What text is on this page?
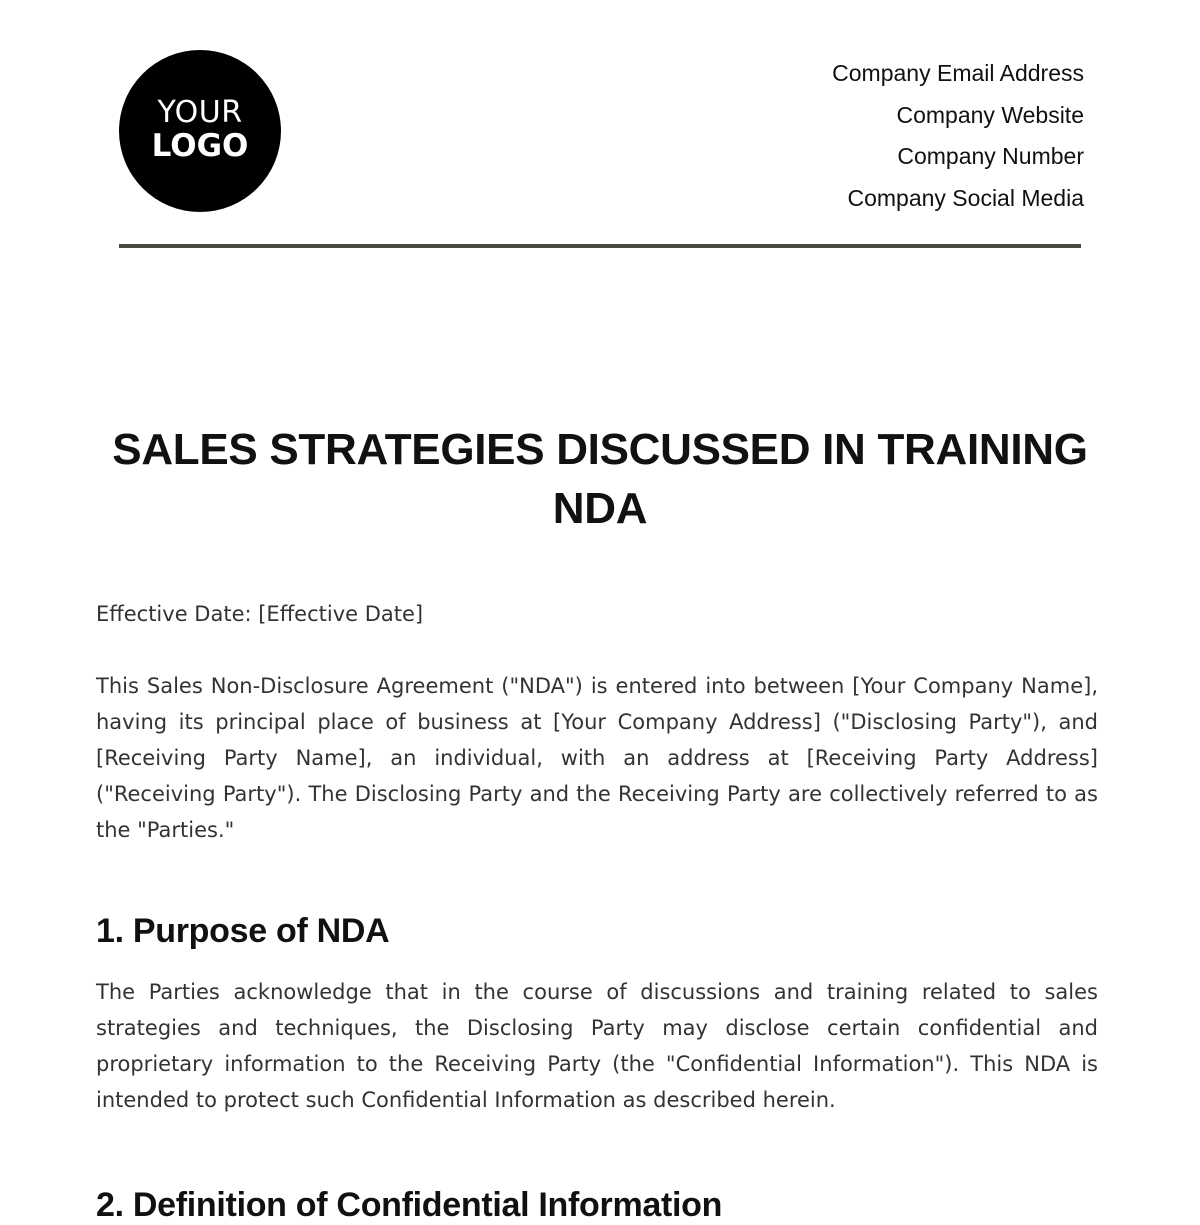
YOUR
LOGO
Company Email Address
Company Website
Company Number
Company Social Media
SALES STRATEGIES DISCUSSED IN TRAINING NDA

Effective Date: [Effective Date]

This Sales Non-Disclosure Agreement ("NDA") is entered into between [Your Company Name], having its principal place of business at [Your Company Address] ("Disclosing Party"), and [Receiving Party Name], an individual, with an address at [Receiving Party Address] ("Receiving Party"). The Disclosing Party and the Receiving Party are collectively referred to as the "Parties."

1. Purpose of NDA

The Parties acknowledge that in the course of discussions and training related to sales strategies and techniques, the Disclosing Party may disclose certain confidential and proprietary information to the Receiving Party (the "Confidential Information"). This NDA is intended to protect such Confidential Information as described herein.

2. Definition of Confidential Information
